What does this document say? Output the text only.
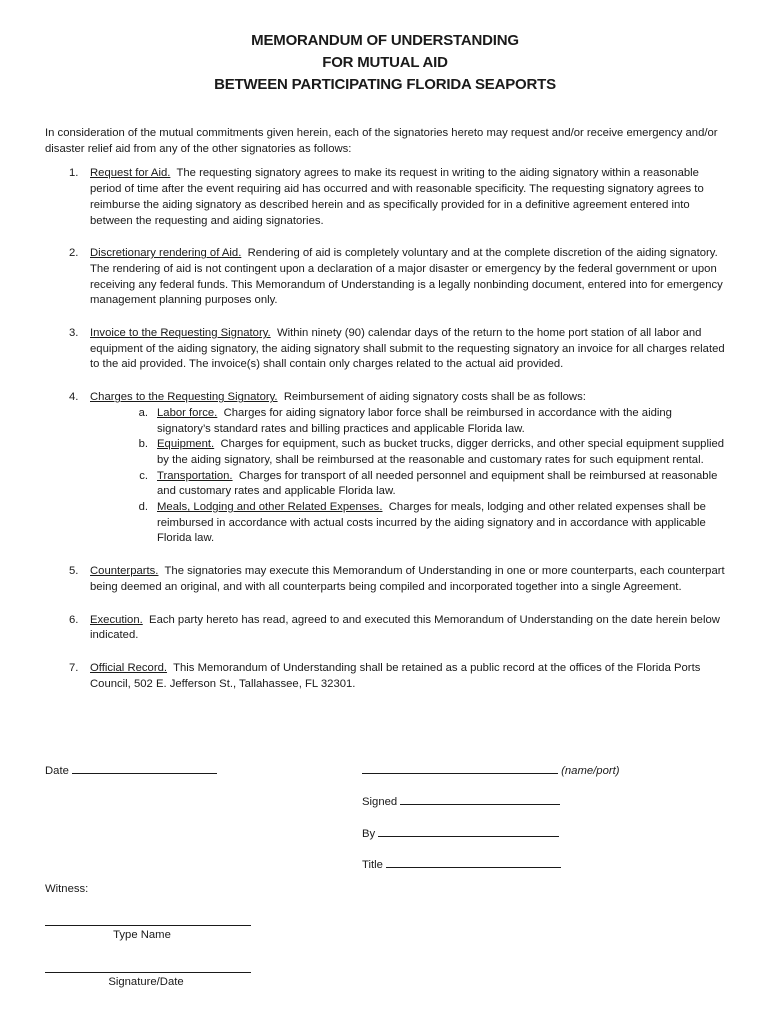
MEMORANDUM OF UNDERSTANDING
FOR MUTUAL AID
BETWEEN PARTICIPATING FLORIDA SEAPORTS

In consideration of the mutual commitments given herein, each of the signatories hereto may request and/or receive emergency and/or disaster relief aid from any of the other signatories as follows:

1.	Request for Aid. The requesting signatory agrees to make its request in writing to the aiding signatory within a reasonable period of time after the event requiring aid has occurred and with reasonable specificity. The requesting signatory agrees to reimburse the aiding signatory as described herein and as specifically provided for in a definitive agreement entered into between the requesting and aiding signatories.
2.	Discretionary rendering of Aid. Rendering of aid is completely voluntary and at the complete discretion of the aiding signatory. The rendering of aid is not contingent upon a declaration of a major disaster or emergency by the federal government or upon receiving any federal funds. This Memorandum of Understanding is a legally nonbinding document, entered into for emergency management planning purposes only.
3.	Invoice to the Requesting Signatory. Within ninety (90) calendar days of the return to the home port station of all labor and equipment of the aiding signatory, the aiding signatory shall submit to the requesting signatory an invoice for all charges related to the aid provided. The invoice(s) shall contain only charges related to the actual aid provided.
4.	Charges to the Requesting Signatory. Reimbursement of aiding signatory costs shall be as follows:
a. Labor force. Charges for aiding signatory labor force shall be reimbursed in accordance with the aiding signatory’s standard rates and billing practices and applicable Florida law.
b. Equipment. Charges for equipment, such as bucket trucks, digger derricks, and other special equipment supplied by the aiding signatory, shall be reimbursed at the reasonable and customary rates for such equipment rental.
c. Transportation. Charges for transport of all needed personnel and equipment shall be reimbursed at reasonable and customary rates and applicable Florida law.
d. Meals, Lodging and other Related Expenses. Charges for meals, lodging and other related expenses shall be reimbursed in accordance with actual costs incurred by the aiding signatory and in accordance with applicable Florida law.
5.	Counterparts. The signatories may execute this Memorandum of Understanding in one or more counterparts, each counterpart being deemed an original, and with all counterparts being compiled and incorporated together into a single Agreement.
6.	Execution. Each party hereto has read, agreed to and executed this Memorandum of Understanding on the date herein below indicated.
7.	Official Record. This Memorandum of Understanding shall be retained as a public record at the offices of the Florida Ports Council, 502 E. Jefferson St., Tallahassee, FL 32301.
Date	(name/port)
Signed
By
Title
Witness:
Type Name
Signature/Date
